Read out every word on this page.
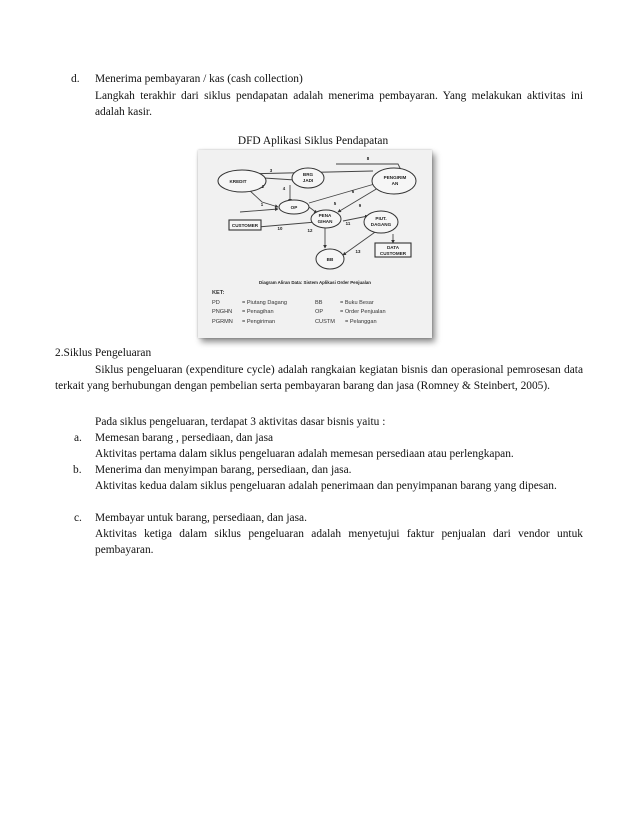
d. Menerima pembayaran / kas (cash collection)
Langkah terakhir dari siklus pendapatan adalah menerima pembayaran. Yang melakukan aktivitas ini adalah kasir.
DFD Aplikasi Siklus Pendapatan
KREDIT
BRG
JADI
PENGIRIM
AN
OP
PENA
GIHAN
CUSTOMER
PIUT.
DAGANG
DATA
CUSTOMER
BB
3
2	4
1	5
6
8
9
10
11
12
13
Diagram Aliran Data: Sistem Aplikasi Order Penjualan
KET:
PD	= Piutang Dagang	BB	= Buku Besar
PNGHN = Penagihan	OP	= Order Penjualan
PGRMN = Pengiriman	CUSTM = Pelanggan
2.Siklus Pengeluaran
Siklus pengeluaran (expenditure cycle) adalah rangkaian kegiatan bisnis dan operasional pemrosesan data terkait yang berhubungan dengan pembelian serta pembayaran barang dan jasa (Romney & Steinbert, 2005).
Pada siklus pengeluaran, terdapat 3 aktivitas dasar bisnis yaitu :
a. Memesan barang , persediaan, dan jasa
Aktivitas pertama dalam siklus pengeluaran adalah memesan persediaan atau perlengkapan.
b. Menerima dan menyimpan barang, persediaan, dan jasa.
Aktivitas kedua dalam siklus pengeluaran adalah penerimaan dan penyimpanan barang yang dipesan.
c. Membayar untuk barang, persediaan, dan jasa.
Aktivitas ketiga dalam siklus pengeluaran adalah menyetujui faktur penjualan dari vendor untuk pembayaran.
